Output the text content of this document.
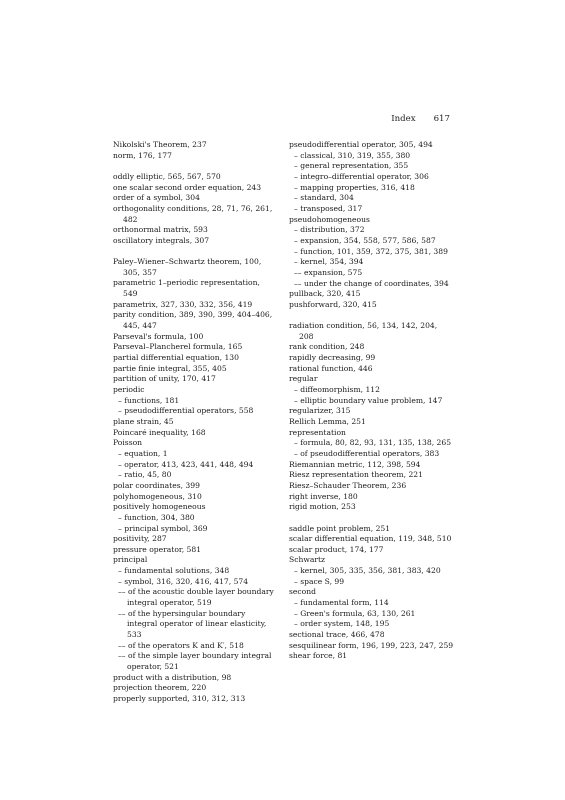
Index 617
Nikolski's Theorem, 237
norm, 176, 177
oddly elliptic, 565, 567, 570
one scalar second order equation, 243
order of a symbol, 304
orthogonality conditions, 28, 71, 76, 261, 482
orthonormal matrix, 593
oscillatory integrals, 307
Paley–Wiener–Schwartz theorem, 100, 305, 357
parametric 1–periodic representation, 549
parametrix, 327, 330, 332, 356, 419
parity condition, 389, 390, 399, 404–406, 445, 447
Parseval's formula, 100
Parseval–Plancherel formula, 165
partial differential equation, 130
partie finie integral, 355, 405
partition of unity, 170, 417
periodic
– functions, 181
– pseudodifferential operators, 558
plane strain, 45
Poincaré inequality, 168
Poisson
– equation, 1
– operator, 413, 423, 441, 448, 494
– ratio, 45, 80
polar coordinates, 399
polyhomogeneous, 310
positively homogeneous
– function, 304, 380
– principal symbol, 369
positivity, 287
pressure operator, 581
principal
– fundamental solutions, 348
– symbol, 316, 320, 416, 417, 574
–– of the acoustic double layer boundary integral operator, 519
–– of the hypersingular boundary integral operator of linear elasticity, 533
–– of the operators K and K′, 518
–– of the simple layer boundary integral operator, 521
product with a distribution, 98
projection theorem, 220
properly supported, 310, 312, 313
pseudodifferential operator, 305, 494
– classical, 310, 319, 355, 380
– general representation, 355
– integro–differential operator, 306
– mapping properties, 316, 418
– standard, 304
– transposed, 317
pseudohomogeneous
– distribution, 372
– expansion, 354, 558, 577, 586, 587
– function, 101, 359, 372, 375, 381, 389
– kernel, 354, 394
–– expansion, 575
–– under the change of coordinates, 394
pullback, 320, 415
pushforward, 320, 415
radiation condition, 56, 134, 142, 204, 208
rank condition, 248
rapidly decreasing, 99
rational function, 446
regular
– diffeomorphism, 112
– elliptic boundary value problem, 147
regularizer, 315
Rellich Lemma, 251
representation
– formula, 80, 82, 93, 131, 135, 138, 265
– of pseudodifferential operators, 383
Riemannian metric, 112, 398, 594
Riesz representation theorem, 221
Riesz–Schauder Theorem, 236
right inverse, 180
rigid motion, 253
saddle point problem, 251
scalar differential equation, 119, 348, 510
scalar product, 174, 177
Schwartz
– kernel, 305, 335, 356, 381, 383, 420
– space S, 99
second
– fundamental form, 114
– Green's formula, 63, 130, 261
– order system, 148, 195
sectional trace, 466, 478
sesquilinear form, 196, 199, 223, 247, 259
shear force, 81
